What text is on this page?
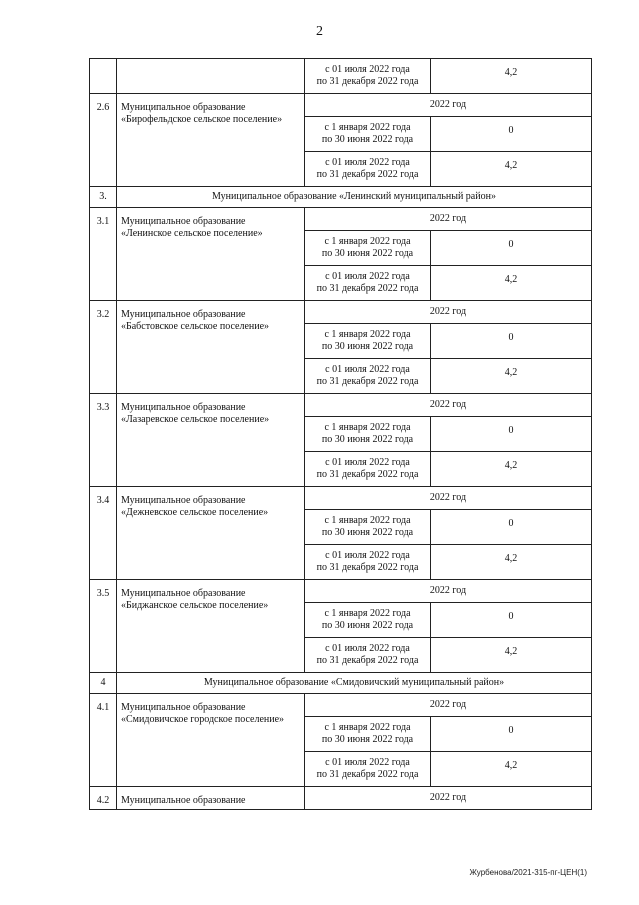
2
		с 01 июля 2022 года
по 31 декабря 2022 года	4,2
2.6	Муниципальное образование
«Бирофельдское сельское поселение»	2022 год	
		с 1 января 2022 года
по 30 июня 2022 года	0
		с 01 июля 2022 года
по 31 декабря 2022 года	4,2
3.	Муниципальное образование «Ленинский муниципальный район»		
3.1	Муниципальное образование
«Ленинское сельское поселение»	2022 год	
		с 1 января 2022 года
по 30 июня 2022 года	0
		с 01 июля 2022 года
по 31 декабря 2022 года	4,2
3.2	Муниципальное образование
«Бабстовское сельское поселение»	2022 год	
		с 1 января 2022 года
по 30 июня 2022 года	0
		с 01 июля 2022 года
по 31 декабря 2022 года	4,2
3.3	Муниципальное образование
«Лазаревское сельское поселение»	2022 год	
		с 1 января 2022 года
по 30 июня 2022 года	0
		с 01 июля 2022 года
по 31 декабря 2022 года	4,2
3.4	Муниципальное образование
«Дежневское сельское поселение»	2022 год	
		с 1 января 2022 года
по 30 июня 2022 года	0
		с 01 июля 2022 года
по 31 декабря 2022 года	4,2
3.5	Муниципальное образование
«Биджанское сельское поселение»	2022 год	
		с 1 января 2022 года
по 30 июня 2022 года	0
		с 01 июля 2022 года
по 31 декабря 2022 года	4,2
4	Муниципальное образование «Смидовичский муниципальный район»		
4.1	Муниципальное образование
«Смидовичское городское поселение»	2022 год	
		с 1 января 2022 года
по 30 июня 2022 года	0
		с 01 июля 2022 года
по 31 декабря 2022 года	4,2
4.2	Муниципальное образование	2022 год	
Журбенова/2021-315-пг-ЦЕН(1)
